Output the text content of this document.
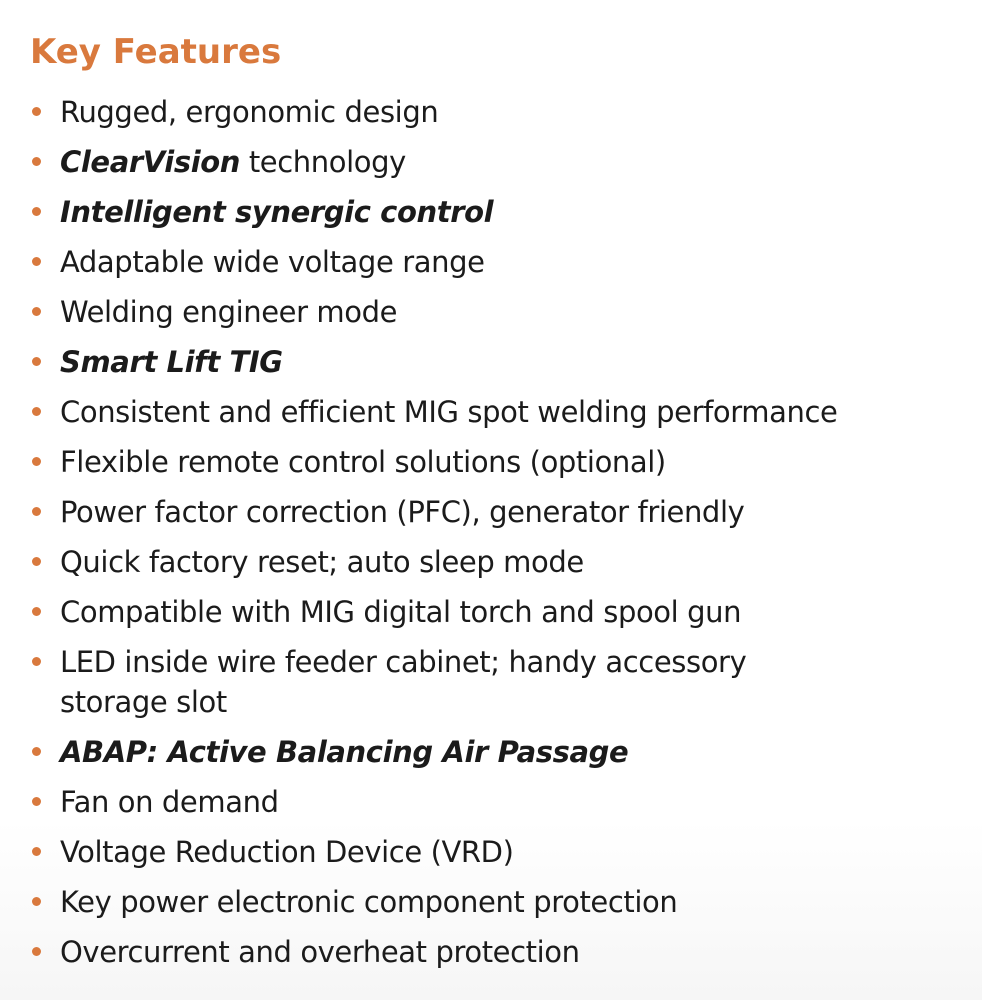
Key Features
Rugged, ergonomic design
ClearVision technology
Intelligent synergic control
Adaptable wide voltage range
Welding engineer mode
Smart Lift TIG
Consistent and efficient MIG spot welding performance
Flexible remote control solutions (optional)
Power factor correction (PFC), generator friendly
Quick factory reset; auto sleep mode
Compatible with MIG digital torch and spool gun
LED inside wire feeder cabinet; handy accessory
storage slot
ABAP: Active Balancing Air Passage
Fan on demand
Voltage Reduction Device (VRD)
Key power electronic component protection
Overcurrent and overheat protection
